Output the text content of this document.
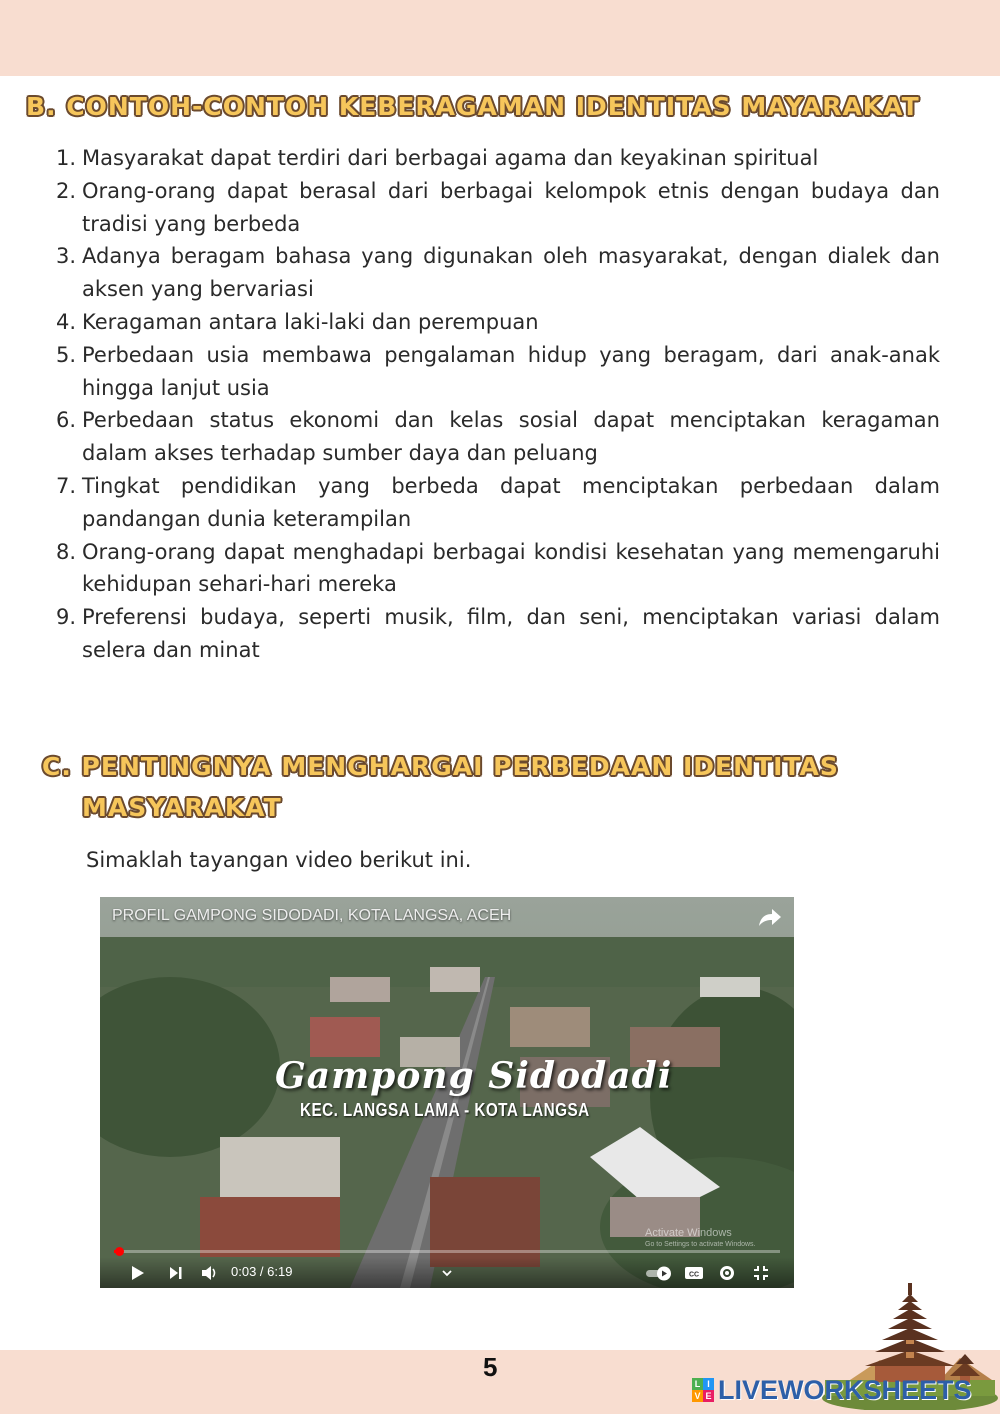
B. CONTOH-CONTOH KEBERAGAMAN IDENTITAS MAYARAKAT
1. Masyarakat dapat terdiri dari berbagai agama dan keyakinan spiritual
2. Orang-orang dapat berasal dari berbagai kelompok etnis dengan budaya dan tradisi yang berbeda
3. Adanya beragam bahasa yang digunakan oleh masyarakat, dengan dialek dan aksen yang bervariasi
4. Keragaman antara laki-laki dan perempuan
5. Perbedaan usia membawa pengalaman hidup yang beragam, dari anak-anak hingga lanjut usia
6. Perbedaan status ekonomi dan kelas sosial dapat menciptakan keragaman dalam akses terhadap sumber daya dan peluang
7. Tingkat pendidikan yang berbeda dapat menciptakan perbedaan dalam pandangan dunia keterampilan
8. Orang-orang dapat menghadapi berbagai kondisi kesehatan yang memengaruhi kehidupan sehari-hari mereka
9. Preferensi budaya, seperti musik, film, dan seni, menciptakan variasi dalam selera dan minat
C. PENTINGNYA MENGHARGAI PERBEDAAN IDENTITAS
MASYARAKAT
Simaklah tayangan video berikut ini.
PROFIL GAMPONG SIDODADI, KOTA LANGSA, ACEH
Gampong Sidodadi
KEC. LANGSA LAMA - KOTA LANGSA
Activate Windows
Go to Settings to activate Windows.
0:03 / 6:19	CC
5
L I
V E LIVEWORKSHEETS
